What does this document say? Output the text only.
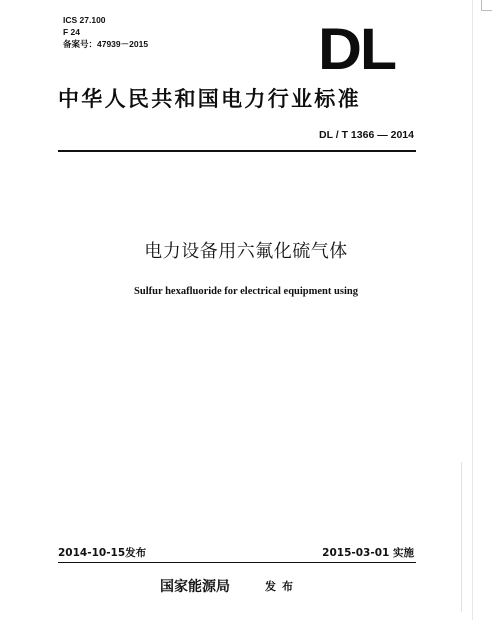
ICS 27.100
F 24
备案号：47939－2015	DL
中华人民共和国电力行业标准
DL / T 1366 — 2014
电力设备用六氟化硫气体
Sulfur hexafluoride for electrical equipment using
2014-10-15发布	2015-03-01 实施
国家能源局	发布
